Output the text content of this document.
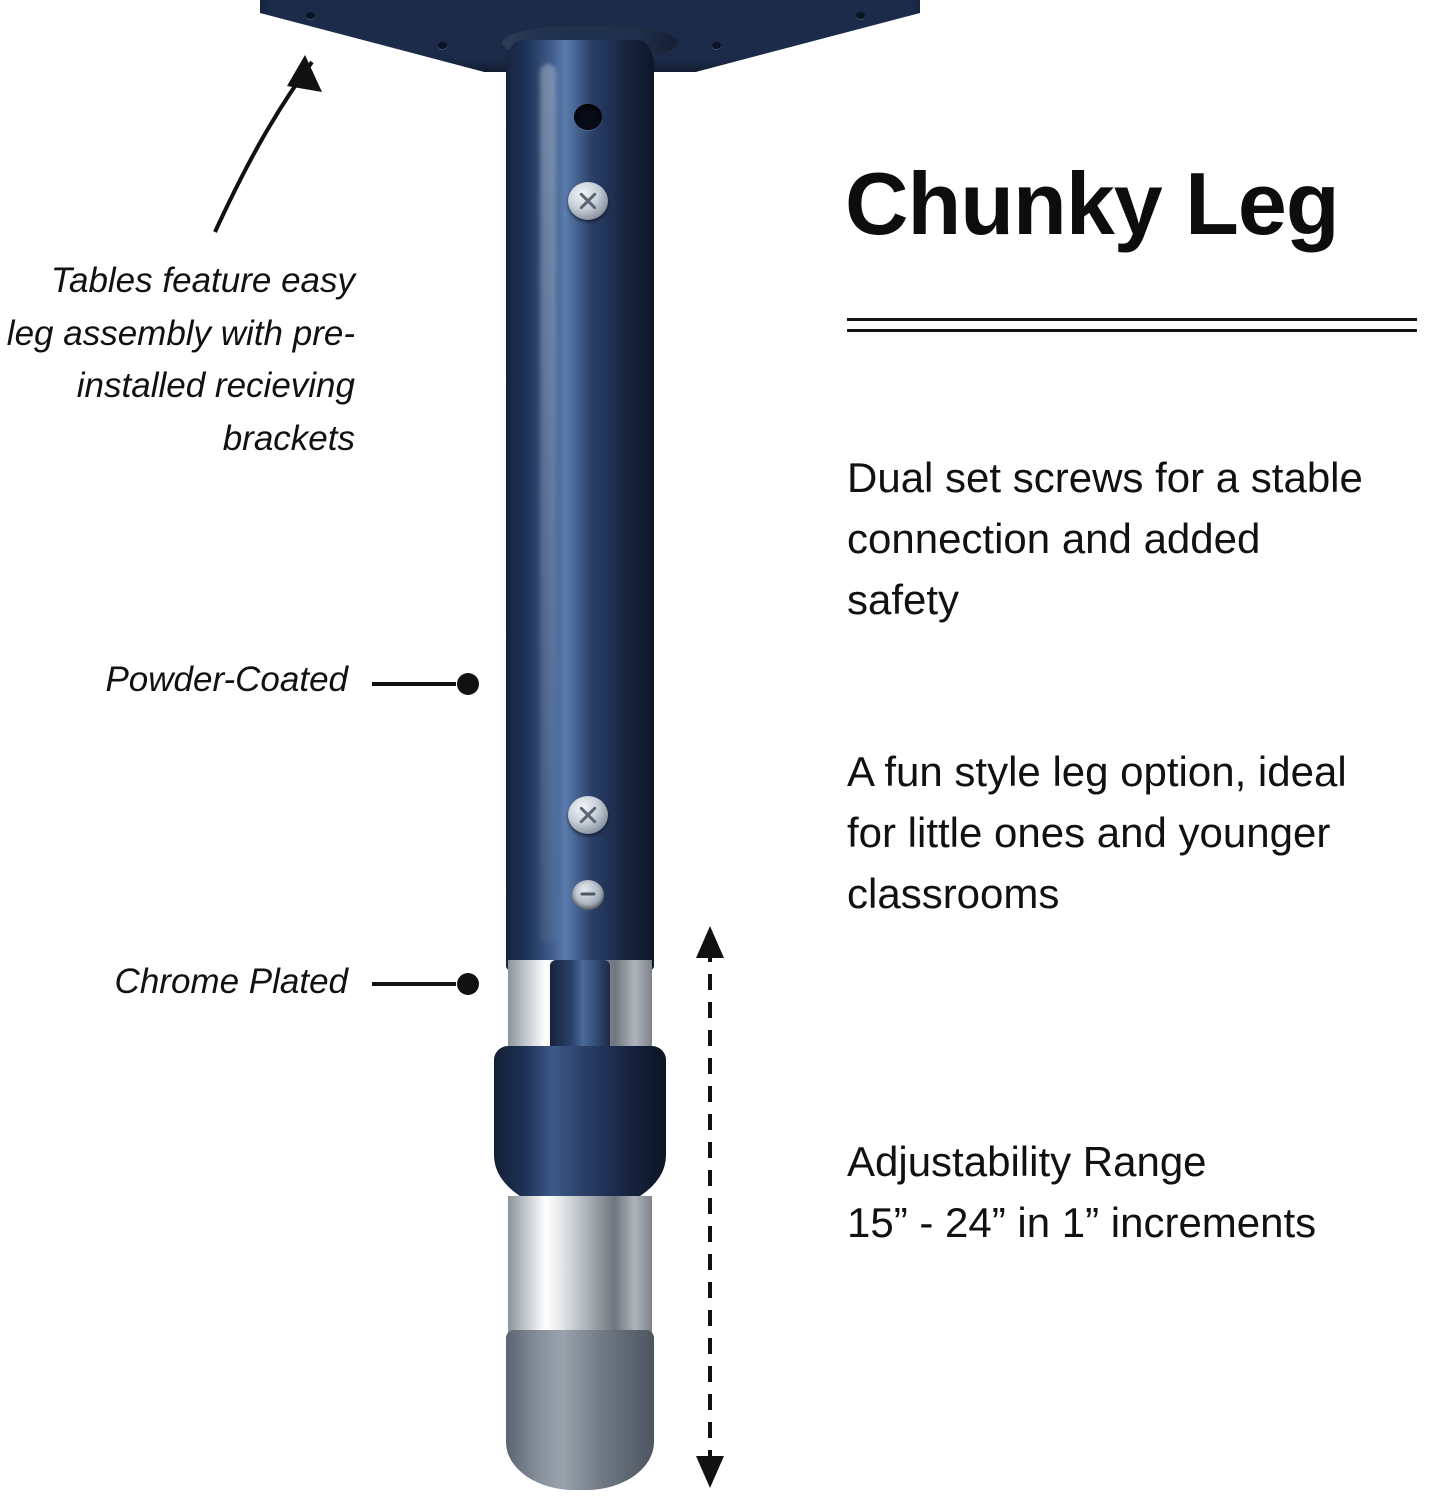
Tables feature easy leg assembly with pre-installed recieving brackets
Powder-Coated
Chrome Plated
Chunky Leg
Dual set screws for a stable connection and added safety
A fun style leg option, ideal for little ones and younger classrooms
Adjustability Range
15” - 24” in 1” increments
